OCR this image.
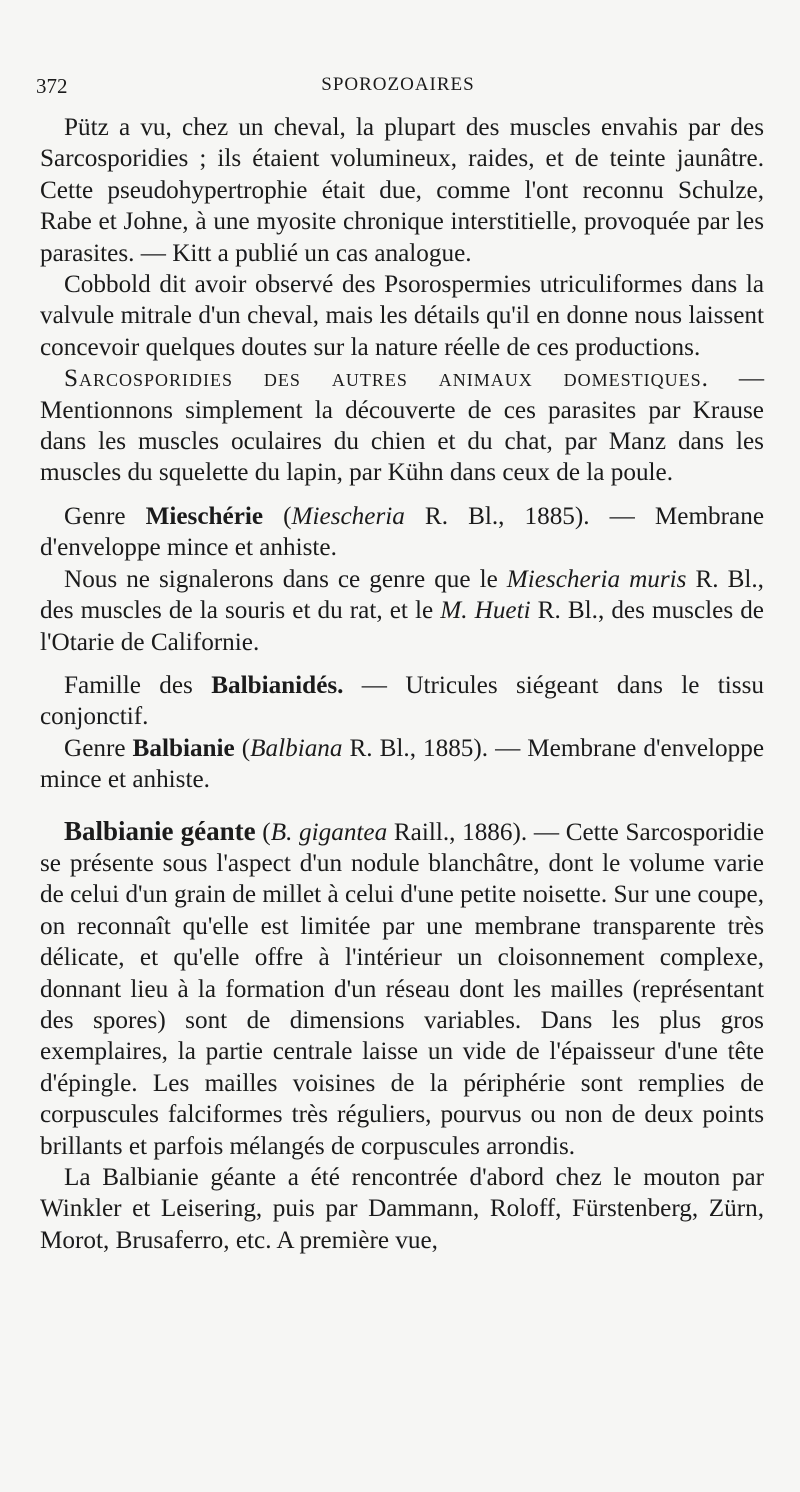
372	SPOROZOAIRES

Pütz a vu, chez un cheval, la plupart des muscles envahis par des Sarcosporidies ; ils étaient volumineux, raides, et de teinte jaunâtre. Cette pseudohypertrophie était due, comme l'ont reconnu Schulze, Rabe et Johne, à une myosite chronique interstitielle, provoquée par les parasites. — Kitt a publié un cas analogue.

Cobbold dit avoir observé des Psorospermies utriculiformes dans la valvule mitrale d'un cheval, mais les détails qu'il en donne nous laissent concevoir quelques doutes sur la nature réelle de ces productions.

Sarcosporidies des autres animaux domestiques. — Mentionnons simplement la découverte de ces parasites par Krause dans les muscles oculaires du chien et du chat, par Manz dans les muscles du squelette du lapin, par Kühn dans ceux de la poule.

Genre Mieschérie (Miescheria R. Bl., 1885). — Membrane d'enveloppe mince et anhiste.

Nous ne signalerons dans ce genre que le Miescheria muris R. Bl., des muscles de la souris et du rat, et le M. Hueti R. Bl., des muscles de l'Otarie de Californie.

Famille des Balbianidés. — Utricules siégeant dans le tissu conjonctif.

Genre Balbianie (Balbiana R. Bl., 1885). — Membrane d'enveloppe mince et anhiste.

Balbianie géante (B. gigantea Raill., 1886). — Cette Sarcosporidie se présente sous l'aspect d'un nodule blanchâtre, dont le volume varie de celui d'un grain de millet à celui d'une petite noisette. Sur une coupe, on reconnaît qu'elle est limitée par une membrane transparente très délicate, et qu'elle offre à l'intérieur un cloisonnement complexe, donnant lieu à la formation d'un réseau dont les mailles (représentant des spores) sont de dimensions variables. Dans les plus gros exemplaires, la partie centrale laisse un vide de l'épaisseur d'une tête d'épingle. Les mailles voisines de la périphérie sont remplies de corpuscules falciformes très réguliers, pourvus ou non de deux points brillants et parfois mélangés de corpuscules arrondis.

La Balbianie géante a été rencontrée d'abord chez le mouton par Winkler et Leisering, puis par Dammann, Roloff, Fürstenberg, Zürn, Morot, Brusaferro, etc. A première vue,
